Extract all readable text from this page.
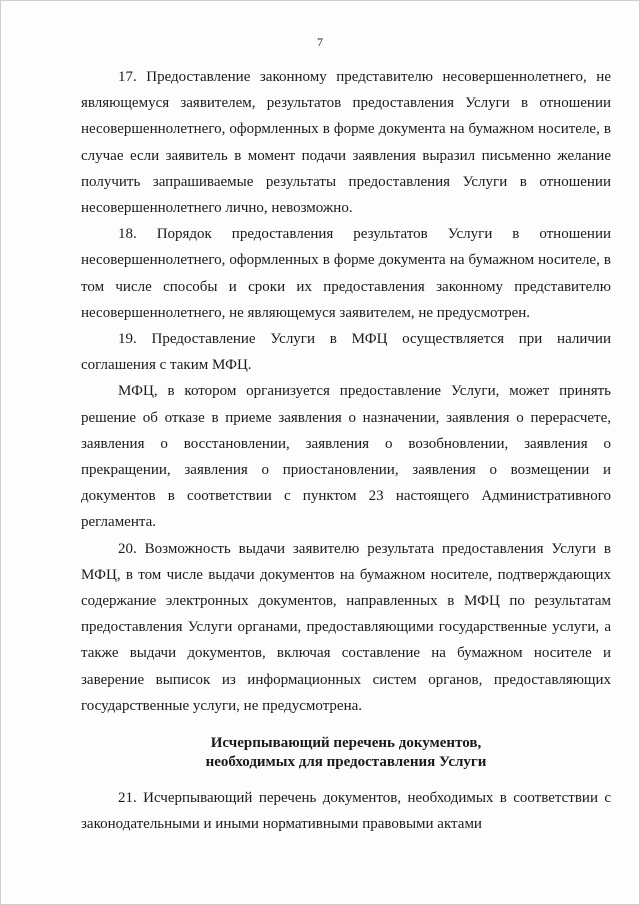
7

17. Предоставление законному представителю несовершеннолетнего, не являющемуся заявителем, результатов предоставления Услуги в отношении несовершеннолетнего, оформленных в форме документа на бумажном носителе, в случае если заявитель в момент подачи заявления выразил письменно желание получить запрашиваемые результаты предоставления Услуги в отношении несовершеннолетнего лично, невозможно.

18. Порядок предоставления результатов Услуги в отношении несовершеннолетнего, оформленных в форме документа на бумажном носителе, в том числе способы и сроки их предоставления законному представителю несовершеннолетнего, не являющемуся заявителем, не предусмотрен.

19. Предоставление Услуги в МФЦ осуществляется при наличии соглашения с таким МФЦ.

МФЦ, в котором организуется предоставление Услуги, может принять решение об отказе в приеме заявления о назначении, заявления о перерасчете, заявления о восстановлении, заявления о возобновлении, заявления о прекращении, заявления о приостановлении, заявления о возмещении и документов в соответствии с пунктом 23 настоящего Административного регламента.

20. Возможность выдачи заявителю результата предоставления Услуги в МФЦ, в том числе выдачи документов на бумажном носителе, подтверждающих содержание электронных документов, направленных в МФЦ по результатам предоставления Услуги органами, предоставляющими государственные услуги, а также выдачи документов, включая составление на бумажном носителе и заверение выписок из информационных систем органов, предоставляющих государственные услуги, не предусмотрена.

Исчерпывающий перечень документов,
необходимых для предоставления Услуги

21. Исчерпывающий перечень документов, необходимых в соответствии с законодательными и иными нормативными правовыми актами
